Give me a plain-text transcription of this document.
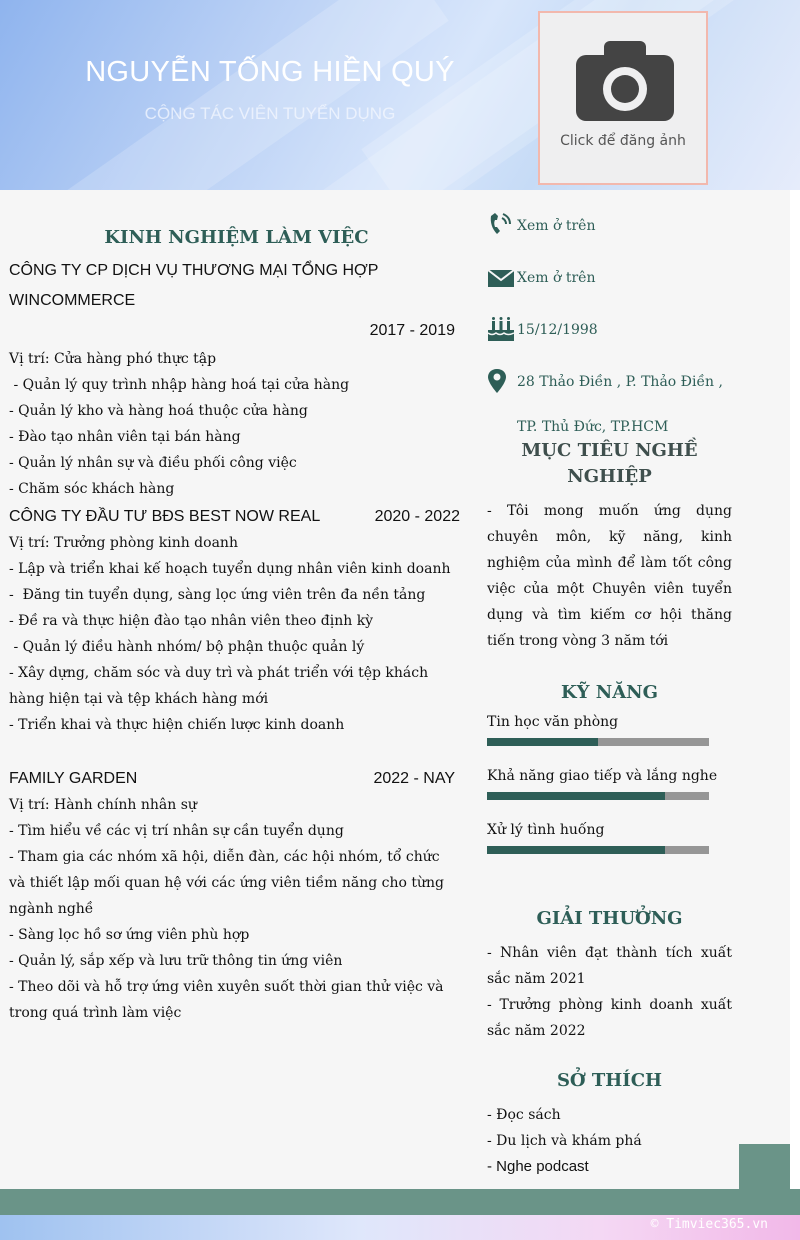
NGUYỄN TỐNG HIỀN QUÝ
CỘNG TÁC VIÊN TUYỂN DỤNG
Click để đăng ảnh
© Timviec365.vn
KINH NGHIỆM LÀM VIỆC
CÔNG TY CP DỊCH VỤ THƯƠNG MẠI TỔNG HỢP
WINCOMMERCE
2017 - 2019
Vị trí: Cửa hàng phó thực tập
- Quản lý quy trình nhập hàng hoá tại cửa hàng
- Quản lý kho và hàng hoá thuộc cửa hàng
- Đào tạo nhân viên tại bán hàng
- Quản lý nhân sự và điều phối công việc
- Chăm sóc khách hàng
CÔNG TY ĐẦU TƯ BĐS BEST NOW REAL	2020 - 2022
Vị trí: Trưởng phòng kinh doanh
- Lập và triển khai kế hoạch tuyển dụng nhân viên kinh doanh
-  Đăng tin tuyển dụng, sàng lọc ứng viên trên đa nền tảng
- Đề ra và thực hiện đào tạo nhân viên theo định kỳ
- Quản lý điều hành nhóm/ bộ phận thuộc quản lý
- Xây dựng, chăm sóc và duy trì và phát triển với tệp khách hàng hiện tại và tệp khách hàng mới
- Triển khai và thực hiện chiến lược kinh doanh
FAMILY GARDEN	2022 - NAY
Vị trí: Hành chính nhân sự
- Tìm hiểu về các vị trí nhân sự cần tuyển dụng
- Tham gia các nhóm xã hội, diễn đàn, các hội nhóm, tổ chức và thiết lập mối quan hệ với các ứng viên tiềm năng cho từng ngành nghề
- Sàng lọc hồ sơ ứng viên phù hợp
- Quản lý, sắp xếp và lưu trữ thông tin ứng viên
- Theo dõi và hỗ trợ ứng viên xuyên suốt thời gian thử việc và trong quá trình làm việc
Xem ở trên
Xem ở trên
15/12/1998
28 Thảo Điền , P. Thảo Điền ,
TP. Thủ Đức, TP.HCM
MỤC TIÊU NGHỀ NGHIỆP
- Tôi mong muốn ứng dụng chuyên môn, kỹ năng, kinh nghiệm của mình để làm tốt công việc của một Chuyên viên tuyển dụng và tìm kiếm cơ hội thăng tiến trong vòng 3 năm tới
KỸ NĂNG
Tin học văn phòng
Khả năng giao tiếp và lắng nghe
Xử lý tình huống
GIẢI THƯỞNG
- Nhân viên đạt thành tích xuất sắc năm 2021
- Trưởng phòng kinh doanh xuất sắc năm 2022
SỞ THÍCH
- Đọc sách
- Du lịch và khám phá
- Nghe podcast
